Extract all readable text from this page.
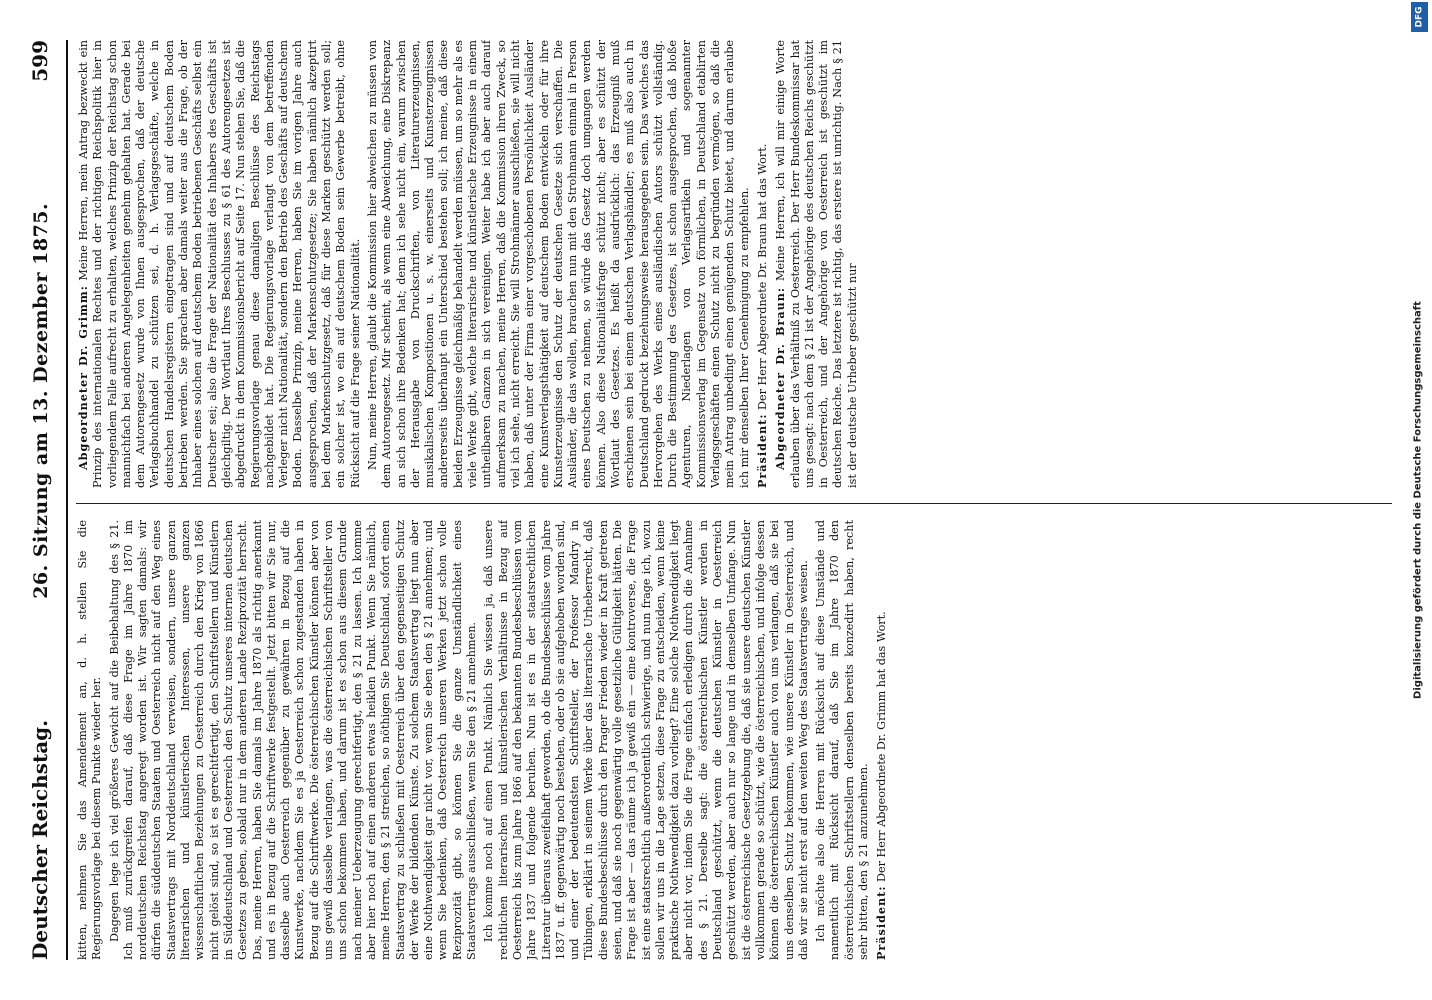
Deutscher Reichstag.
26. Sitzung am 13. Dezember 1875.
599

kitten, nehmen Sie das Amendement an, d. h. stellen Sie die Regierungsvorlage bei diesem Punkte wieder her. Dagegen lege ich viel größeres Gewicht auf die Beibehaltung des § 21. Ich muß zurückgreifen darauf, daß diese Frage im Jahre 1870 im norddeutschen Reichstag angeregt worden ist. Wir sagten damals: wir dürfen die süddeutschen Staaten und Oesterreich nicht auf den Weg eines Staatsvertrags mit Norddeutschland verweisen, sondern, unsere ganzen literarischen und künstlerischen Interessen, unsere ganzen wissenschaftlichen Beziehungen zu Oesterreich durch den Krieg von 1866 nicht gelöst sind, so ist es gerechtfertigt, den Schriftstellern und Künstlern in Süddeutschland und Oesterreich den Schutz unseres internen deutschen Gesetzes zu geben, sobald nur in dem anderen Lande Reziprozität herrscht. Das, meine Herren, haben Sie damals im Jahre 1870 als richtig anerkannt und es in Bezug auf die Schriftwerke festgestellt. Jetzt bitten wir Sie nur, dasselbe auch Oesterreich gegenüber zu gewähren in Bezug auf die Kunstwerke, nachdem Sie es ja Oesterreich schon zugestanden haben in Bezug auf die Schriftwerke. Die österreichischen Künstler können aber von uns gewiß dasselbe verlangen, was die österreichischen Schriftsteller von uns schon bekommen haben, und darum ist es schon aus diesem Grunde nach meiner Ueberzeugung gerechtfertigt, den § 21 zu lassen. Ich komme aber hier noch auf einen anderen etwas heiklen Punkt. Wenn Sie nämlich, meine Herren, den § 21 streichen, so nöthigen Sie Deutschland, sofort einen Staatsvertrag zu schließen mit Oesterreich über den gegenseitigen Schutz der Werke der bildenden Künste. Zu solchem Staatsvertrag liegt nun aber eine Nothwendigkeit gar nicht vor, wenn Sie eben den § 21 annehmen; und wenn Sie bedenken, daß Oesterreich unseren Werken jetzt schon volle Reziprozität gibt, so können Sie die ganze Umständlichkeit eines Staatsvertrags ausschließen, wenn Sie den § 21 annehmen. Ich komme noch auf einen Punkt. Nämlich Sie wissen ja, daß unsere rechtlichen literarischen und künstlerischen Verhältnisse in Bezug auf Oesterreich bis zum Jahre 1866 auf den bekannten Bundesbeschlüssen vom Jahre 1837 und folgende beruhen. Nun ist es in der staatsrechtlichen Literatur überaus zweifelhaft geworden, ob die Bundesbeschlüsse vom Jahre 1837 u. ff. gegenwärtig noch bestehen, oder ob sie aufgehoben worden sind, und einer der bedeutendsten Schriftsteller, der Professor Mandry in Tübingen, erklärt in seinem Werke über das literarische Urheberrecht, daß diese Bundesbeschlüsse durch den Prager Frieden wieder in Kraft getreten seien, und daß sie noch gegenwärtig volle gesetzliche Gültigkeit hätten. Die Frage ist aber — das räume ich ja gewiß ein — eine kontroverse, die Frage ist eine staatsrechtlich außerordentlich schwierige, und nun frage ich, wozu sollen wir uns in die Lage setzen, diese Frage zu entscheiden, wenn keine praktische Nothwendigkeit dazu vorliegt? Eine solche Nothwendigkeit liegt aber nicht vor, indem Sie die Frage einfach erledigen durch die Annahme des § 21. Derselbe sagt: die österreichischen Künstler werden in Deutschland geschützt, wenn die deutschen Künstler in Oesterreich geschützt werden, aber auch nur so lange und in demselben Umfange. Nun ist die österreichische Gesetzgebung die, daß sie unsere deutschen Künstler vollkommen gerade so schützt, wie die österreichischen, und infolge dessen können die österreichischen Künstler auch von uns verlangen, daß sie bei uns denselben Schutz bekommen, wie unsere Künstler in Oesterreich, und daß wir sie nicht erst auf den weiten Weg des Staatsvertrages weisen. Ich möchte also die Herren mit Rücksicht auf diese Umstände und namentlich mit Rücksicht darauf, daß Sie im Jahre 1870 den österreichischen Schriftstellern denselben bereits konzedirt haben, recht sehr bitten, den § 21 anzunehmen. Präsident: Der Herr Abgeordnete Dr. Grimm hat das Wort.

Abgeordneter Dr. Grimm: Meine Herren, mein Antrag bezweckt ein Prinzip des internationalen Rechtes und der richtigen Reichspolitik hier in vorliegendem Falle aufrecht zu erhalten, welches Prinzip der Reichstag schon mannichfach bei anderen Angelegenheiten genehm gehalten hat. Gerade bei dem Autorengesetz wurde von Ihnen ausgesprochen, daß der deutsche Verlagsbuchhandel zu schützen sei, d. h. Verlagsgeschäfte, welche in deutschen Handelsregistern eingetragen sind und auf deutschem Boden betrieben werden. Sie sprachen aber damals weiter aus die Frage, ob der Inhaber eines solchen auf deutschem Boden betriebenen Geschäfts selbst ein Deutscher sei; also die Frage der Nationalität des Inhabers des Geschäfts ist gleichgiltig. Der Wortlaut Ihres Beschlusses zu § 61 des Autorengesetzes ist abgedruckt in dem Kommissionsbericht auf Seite 17. Nun stehen Sie, daß die Regierungsvorlage genau diese damaligen Beschlüsse des Reichstags nachgebildet hat. Die Regierungsvorlage verlangt von dem betreffenden Verleger nicht Nationalität, sondern den Betrieb des Geschäfts auf deutschem Boden. Dasselbe Prinzip, meine Herren, haben Sie im vorigen Jahre auch ausgesprochen, daß der Markenschutzgesetze; Sie haben nämlich akzeptirt bei dem Markenschutzgesetz, daß für diese Marken geschützt werden soll; ein solcher ist, wo ein auf deutschem Boden sein Gewerbe betreibt, ohne Rücksicht auf die Frage seiner Nationalität. Nun, meine Herren, glaubt die Kommission hier abweichen zu müssen von dem Autorengesetz. Mir scheint, als wenn eine Abweichung, eine Diskrepanz an sich schon ihre Bedenken hat; denn ich sehe nicht ein, warum zwischen der Herausgabe von Druckschriften, von Literaturerzeugnissen, musikalischen Kompositionen u. s. w. einerseits und Kunsterzeugnissen andererseits überhaupt ein Unterschied bestehen soll; ich meine, daß diese beiden Erzeugnisse gleichmäßig behandelt werden müssen, um so mehr als es viele Werke gibt, welche literarische und künstlerische Erzeugnisse in einem untheilbaren Ganzen in sich vereinigen. Weiter habe ich aber auch darauf aufmerksam zu machen, meine Herren, daß die Kommission ihren Zweck, so viel ich sehe, nicht erreicht. Sie will Strohmänner ausschließen, sie will nicht haben, daß unter der Firma einer vorgeschobenen Persönlichkeit Ausländer eine Kunstverlagsthätigkeit auf deutschem Boden entwickeln oder für ihre Kunsterzeugnisse den Schutz der deutschen Gesetze sich verschaffen. Die Ausländer, die das wollen, brauchen nun mit den Strohmann einmal in Person eines Deutschen zu nehmen, so würde das Gesetz doch umgangen werden können. Also diese Nationalitätsfrage schützt nicht; aber es schützt der Wortlaut des Gesetzes. Es heißt da ausdrücklich: das Erzeugniß muß erschienen sein bei einem deutschen Verlagshändler; es muß also auch in Deutschland gedruckt beziehungsweise herausgegeben sein. Das welches das Hervorgehen des Werks eines ausländischen Autors schützt vollständig. Durch die Bestimmung des Gesetzes, ist schon ausgesprochen, daß bloße Agenturen, Niederlagen von Verlagsartikeln und sogenannter Kommissionsverlag im Gegensatz von förmlichen, in Deutschland etablirten Verlagsgeschäften einen Schutz nicht zu begründen vermögen, so daß die mein Antrag unbedingt einen genügenden Schutz bietet, und darum erlaube ich mir denselben Ihrer Genehmigung zu empfehlen. Präsident: Der Herr Abgeordnete Dr. Braun hat das Wort. Abgeordneter Dr. Braun: Meine Herren, ich will mir einige Worte erlauben über das Verhältniß zu Oesterreich. Der Herr Bundeskommissar hat uns gesagt: nach dem § 21 ist der Angehörige des deutschen Reichs geschützt in Oesterreich, und der Angehörige von Oesterreich ist geschützt im deutschen Reiche. Das letztere ist richtig, das erstere ist unrichtig. Nach § 21 ist der deutsche Urheber geschützt nur	Digitalisierung gefördert durch die Deutsche Forschungsgemeinschaft
DFG
